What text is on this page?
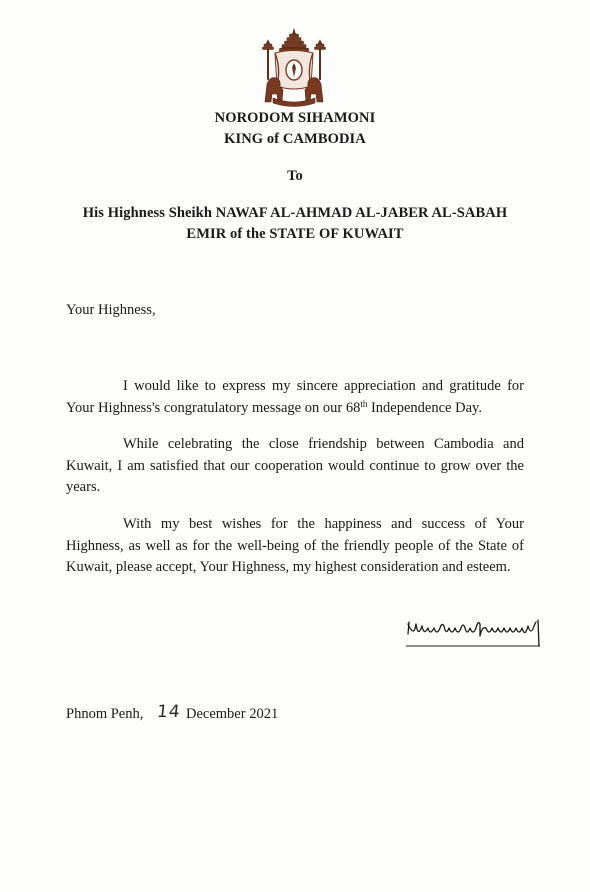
NORODOM SIHAMONI
KING of CAMBODIA
To
His Highness Sheikh NAWAF AL-AHMAD AL-JABER AL-SABAH
EMIR of the STATE OF KUWAIT
Your Highness,
I would like to express my sincere appreciation and gratitude for Your Highness's congratulatory message on our 68th Independence Day.
While celebrating the close friendship between Cambodia and Kuwait, I am satisfied that our cooperation would continue to grow over the years.
With my best wishes for the happiness and success of Your Highness, as well as for the well-being of the friendly people of the State of Kuwait, please accept, Your Highness, my highest consideration and esteem.
Phnom Penh, 14 December 2021
